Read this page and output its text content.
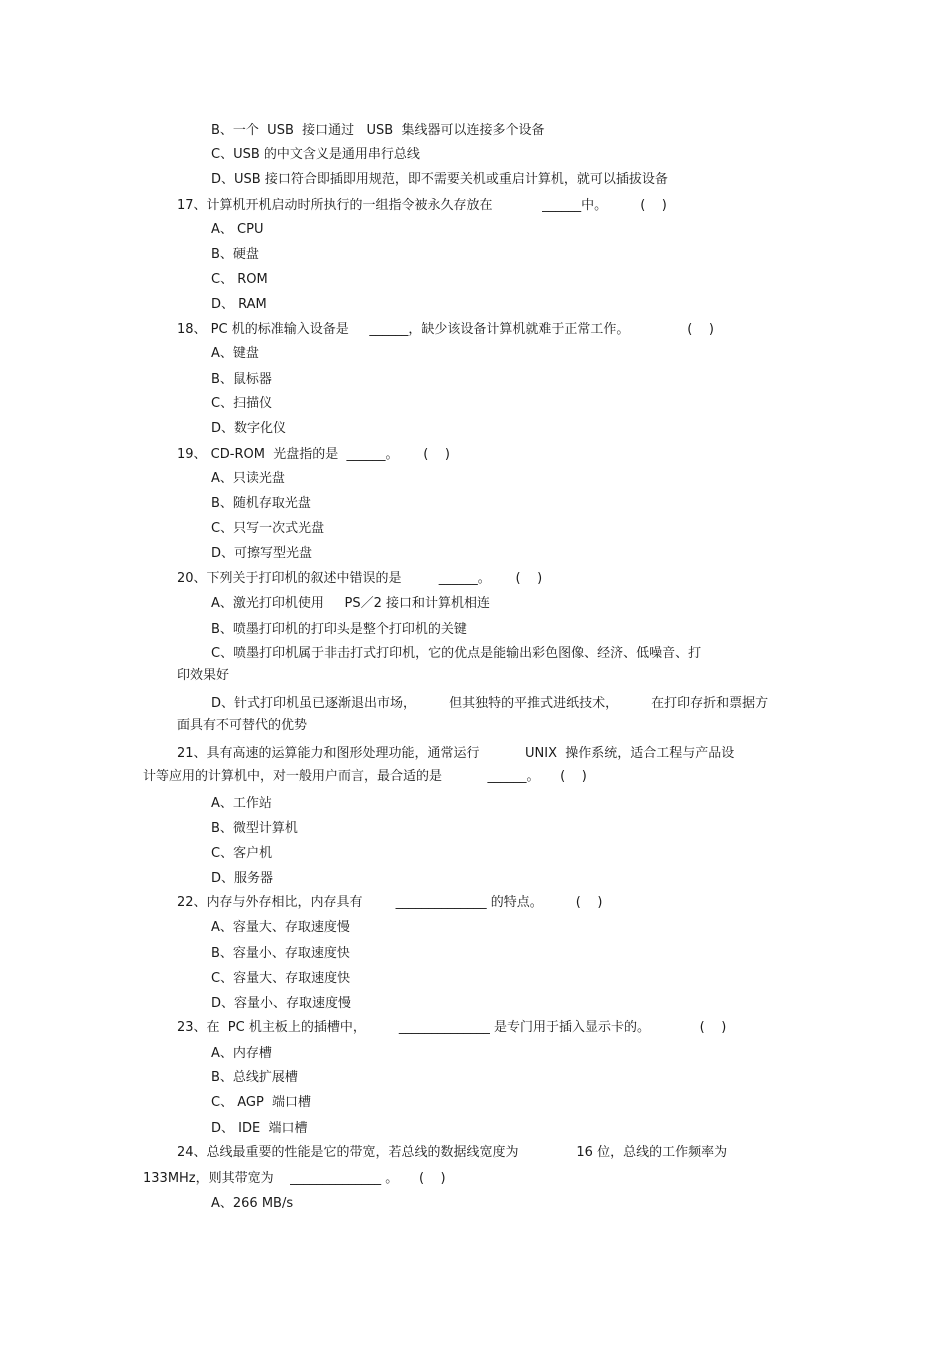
B、一个  USB  接口通过   USB  集线器可以连接多个设备
C、USB 的中文含义是通用串行总线
D、USB 接口符合即插即用规范，即不需要关机或重启计算机，就可以插拔设备
17、计算机开机启动时所执行的一组指令被永久存放在            ______中。        (    )
A、 CPU
B、硬盘
C、 ROM
D、 RAM
18、 PC 机的标准输入设备是     ______，缺少该设备计算机就难于正常工作。              (    )
A、键盘
B、鼠标器
C、扫描仪
D、数字化仪
19、 CD-ROM  光盘指的是  ______。      (    )
A、只读光盘
B、随机存取光盘
C、只写一次式光盘
D、可擦写型光盘
20、下列关于打印机的叙述中错误的是         ______。      (    )
A、激光打印机使用     PS／2 接口和计算机相连
B、喷墨打印机的打印头是整个打印机的关键
C、喷墨打印机属于非击打式打印机，它的优点是能输出彩色图像、经济、低噪音、打
印效果好
D、针式打印机虽已逐渐退出市场，        但其独特的平推式进纸技术，        在打印存折和票据方
面具有不可替代的优势
21、具有高速的运算能力和图形处理功能，通常运行           UNIX  操作系统，适合工程与产品设
计等应用的计算机中，对一般用户而言，最合适的是           ______。     (    )
A、工作站
B、微型计算机
C、客户机
D、服务器
22、内存与外存相比，内存具有        ______________ 的特点。        (    )
A、容量大、存取速度慢
B、容量小、存取速度快
C、容量大、存取速度快
D、容量小、存取速度慢
23、在  PC 机主板上的插槽中，        ______________ 是专门用于插入显示卡的。            (    )
A、内存槽
B、总线扩展槽
C、 AGP  端口槽
D、 IDE  端口槽
24、总线最重要的性能是它的带宽，若总线的数据线宽度为              16 位，总线的工作频率为
133MHz，则其带宽为    ______________ 。     (    )
A、266 MB/s
